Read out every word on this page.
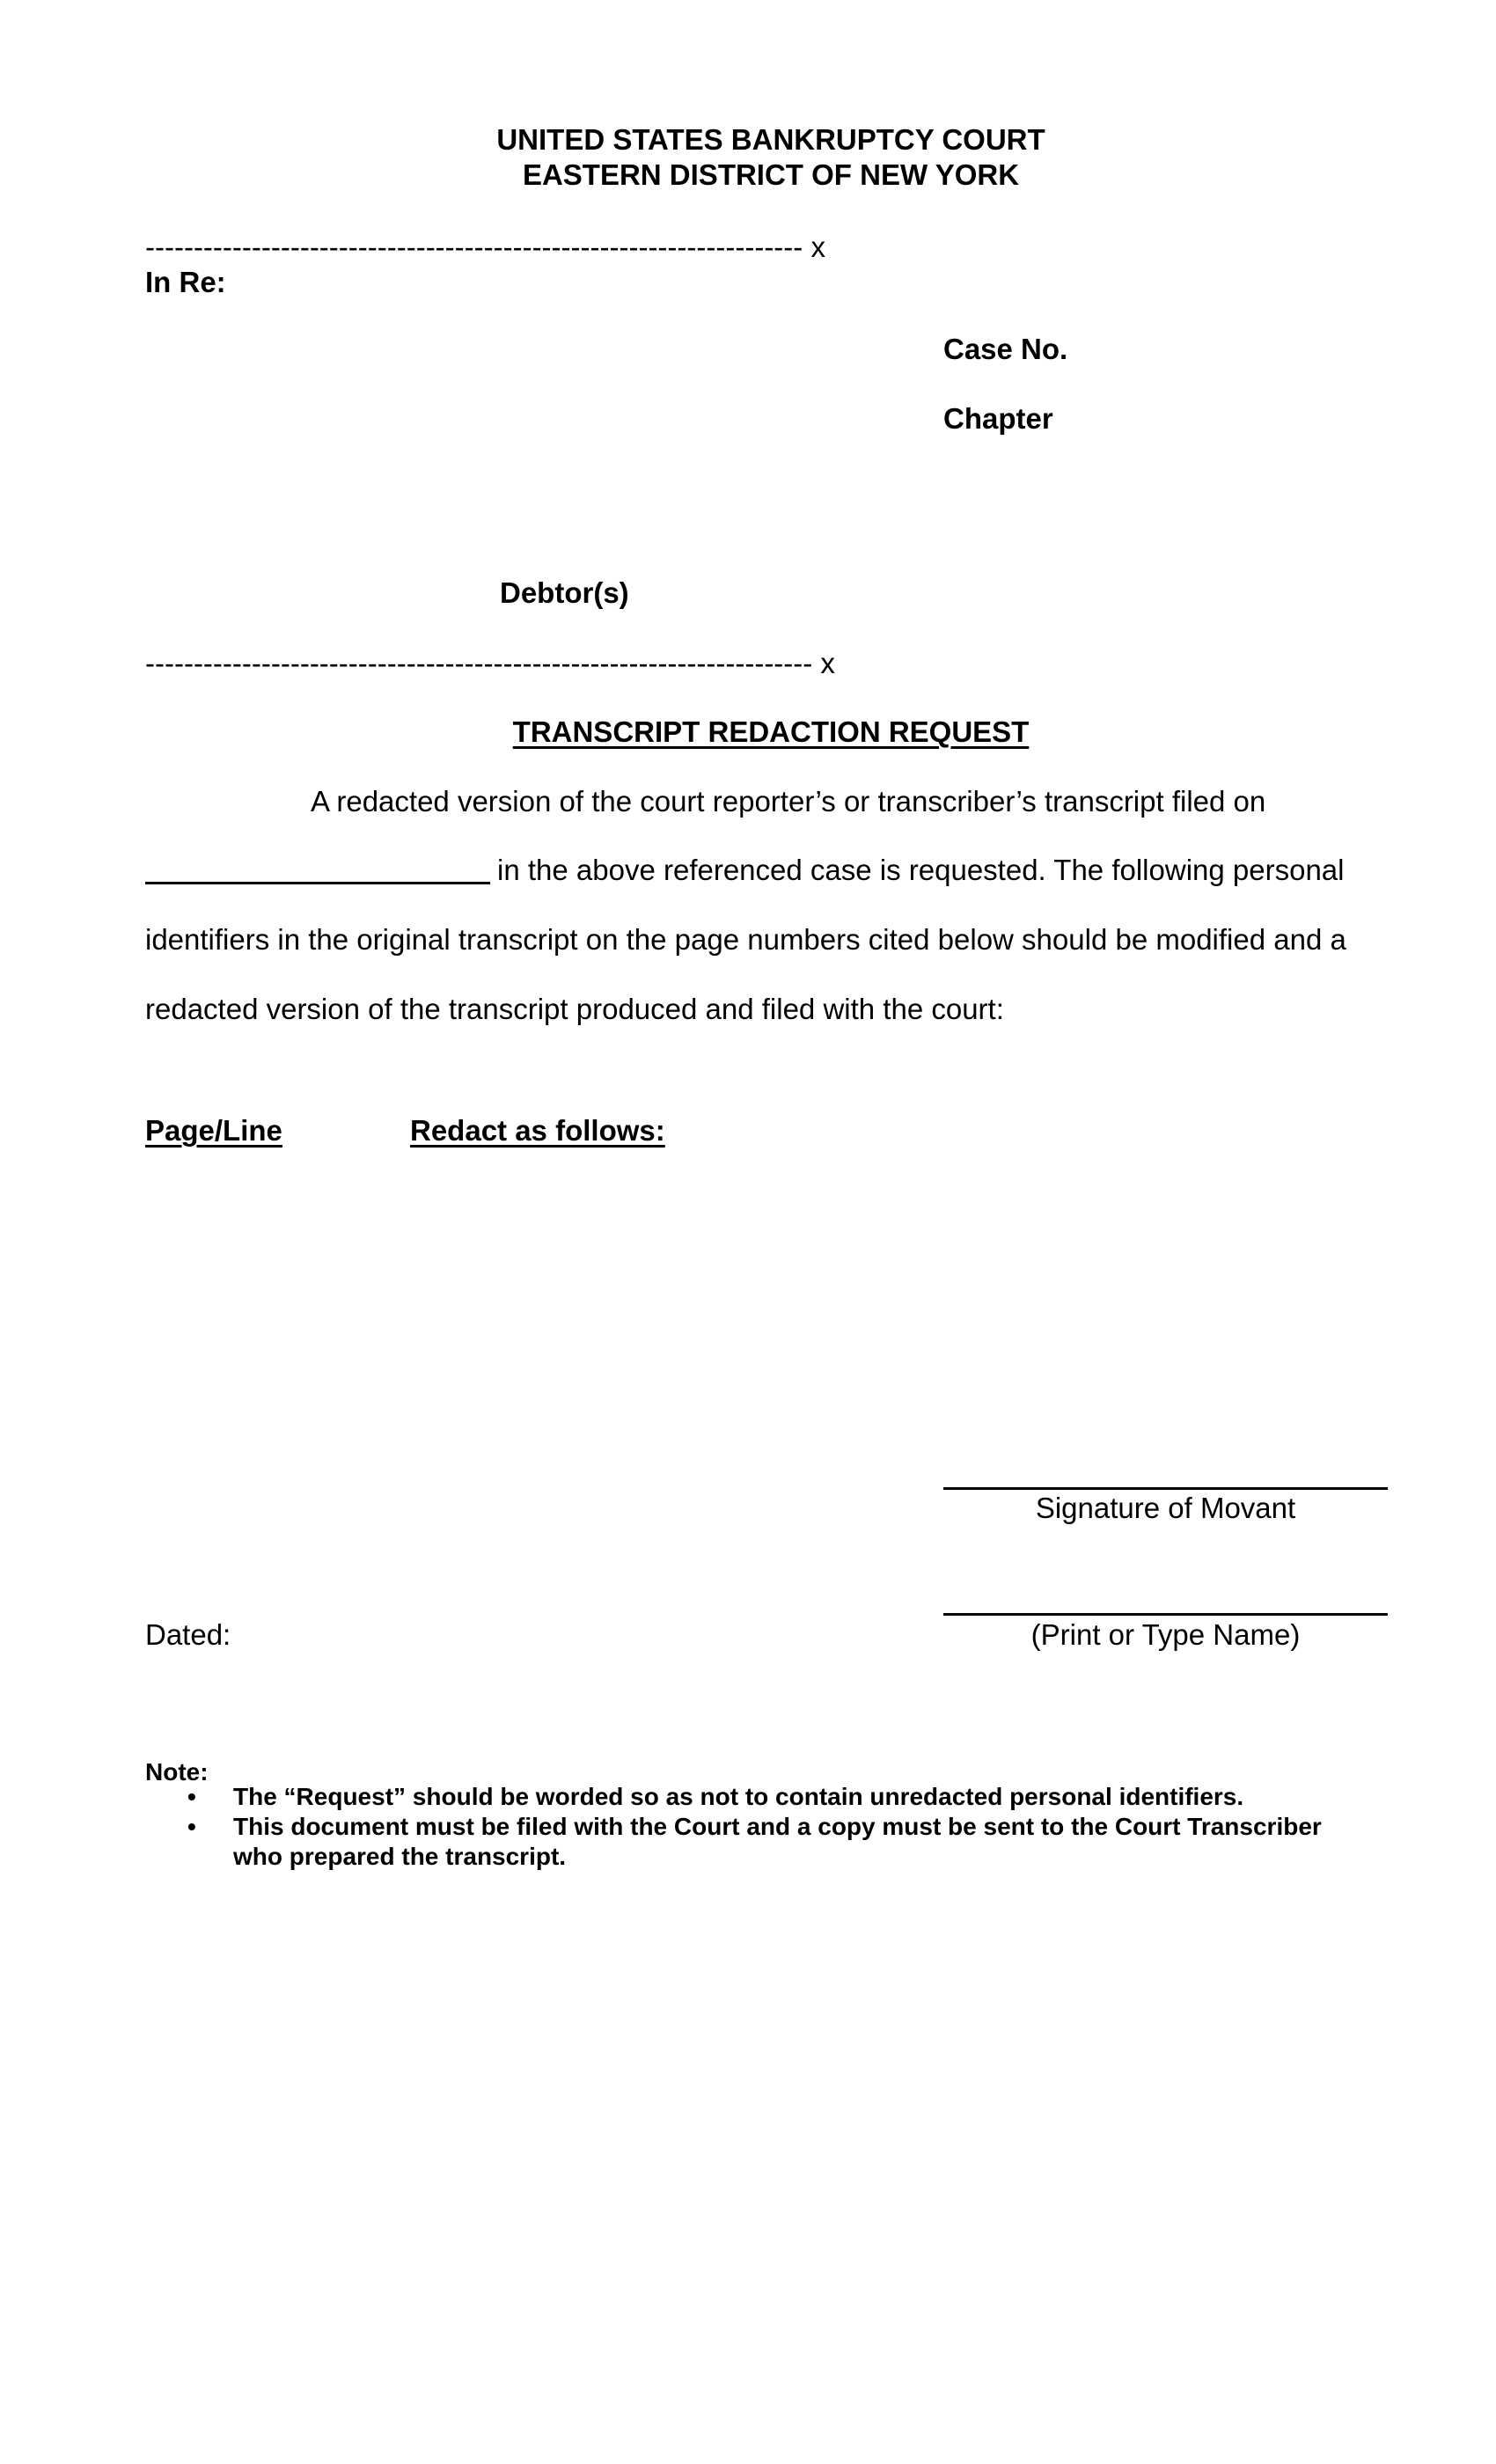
UNITED STATES BANKRUPTCY COURT
EASTERN DISTRICT OF NEW YORK
-------------------------------------------------------------------- x
In Re:
Case No.
Chapter
Debtor(s)
--------------------------------------------------------------------- x
TRANSCRIPT REDACTION REQUEST
A redacted version of the court reporter’s or transcriber’s transcript filed on
in the above referenced case is requested. The following personal
identifiers in the original transcript on the page numbers cited below should be modified and a
redacted version of the transcript produced and filed with the court:
Page/Line	Redact as follows:
Signature of Movant
Dated:	(Print or Type Name)
Note:
• The “Request” should be worded so as not to contain unredacted personal identifiers.
• This document must be filed with the Court and a copy must be sent to the Court Transcriber who prepared the transcript.
